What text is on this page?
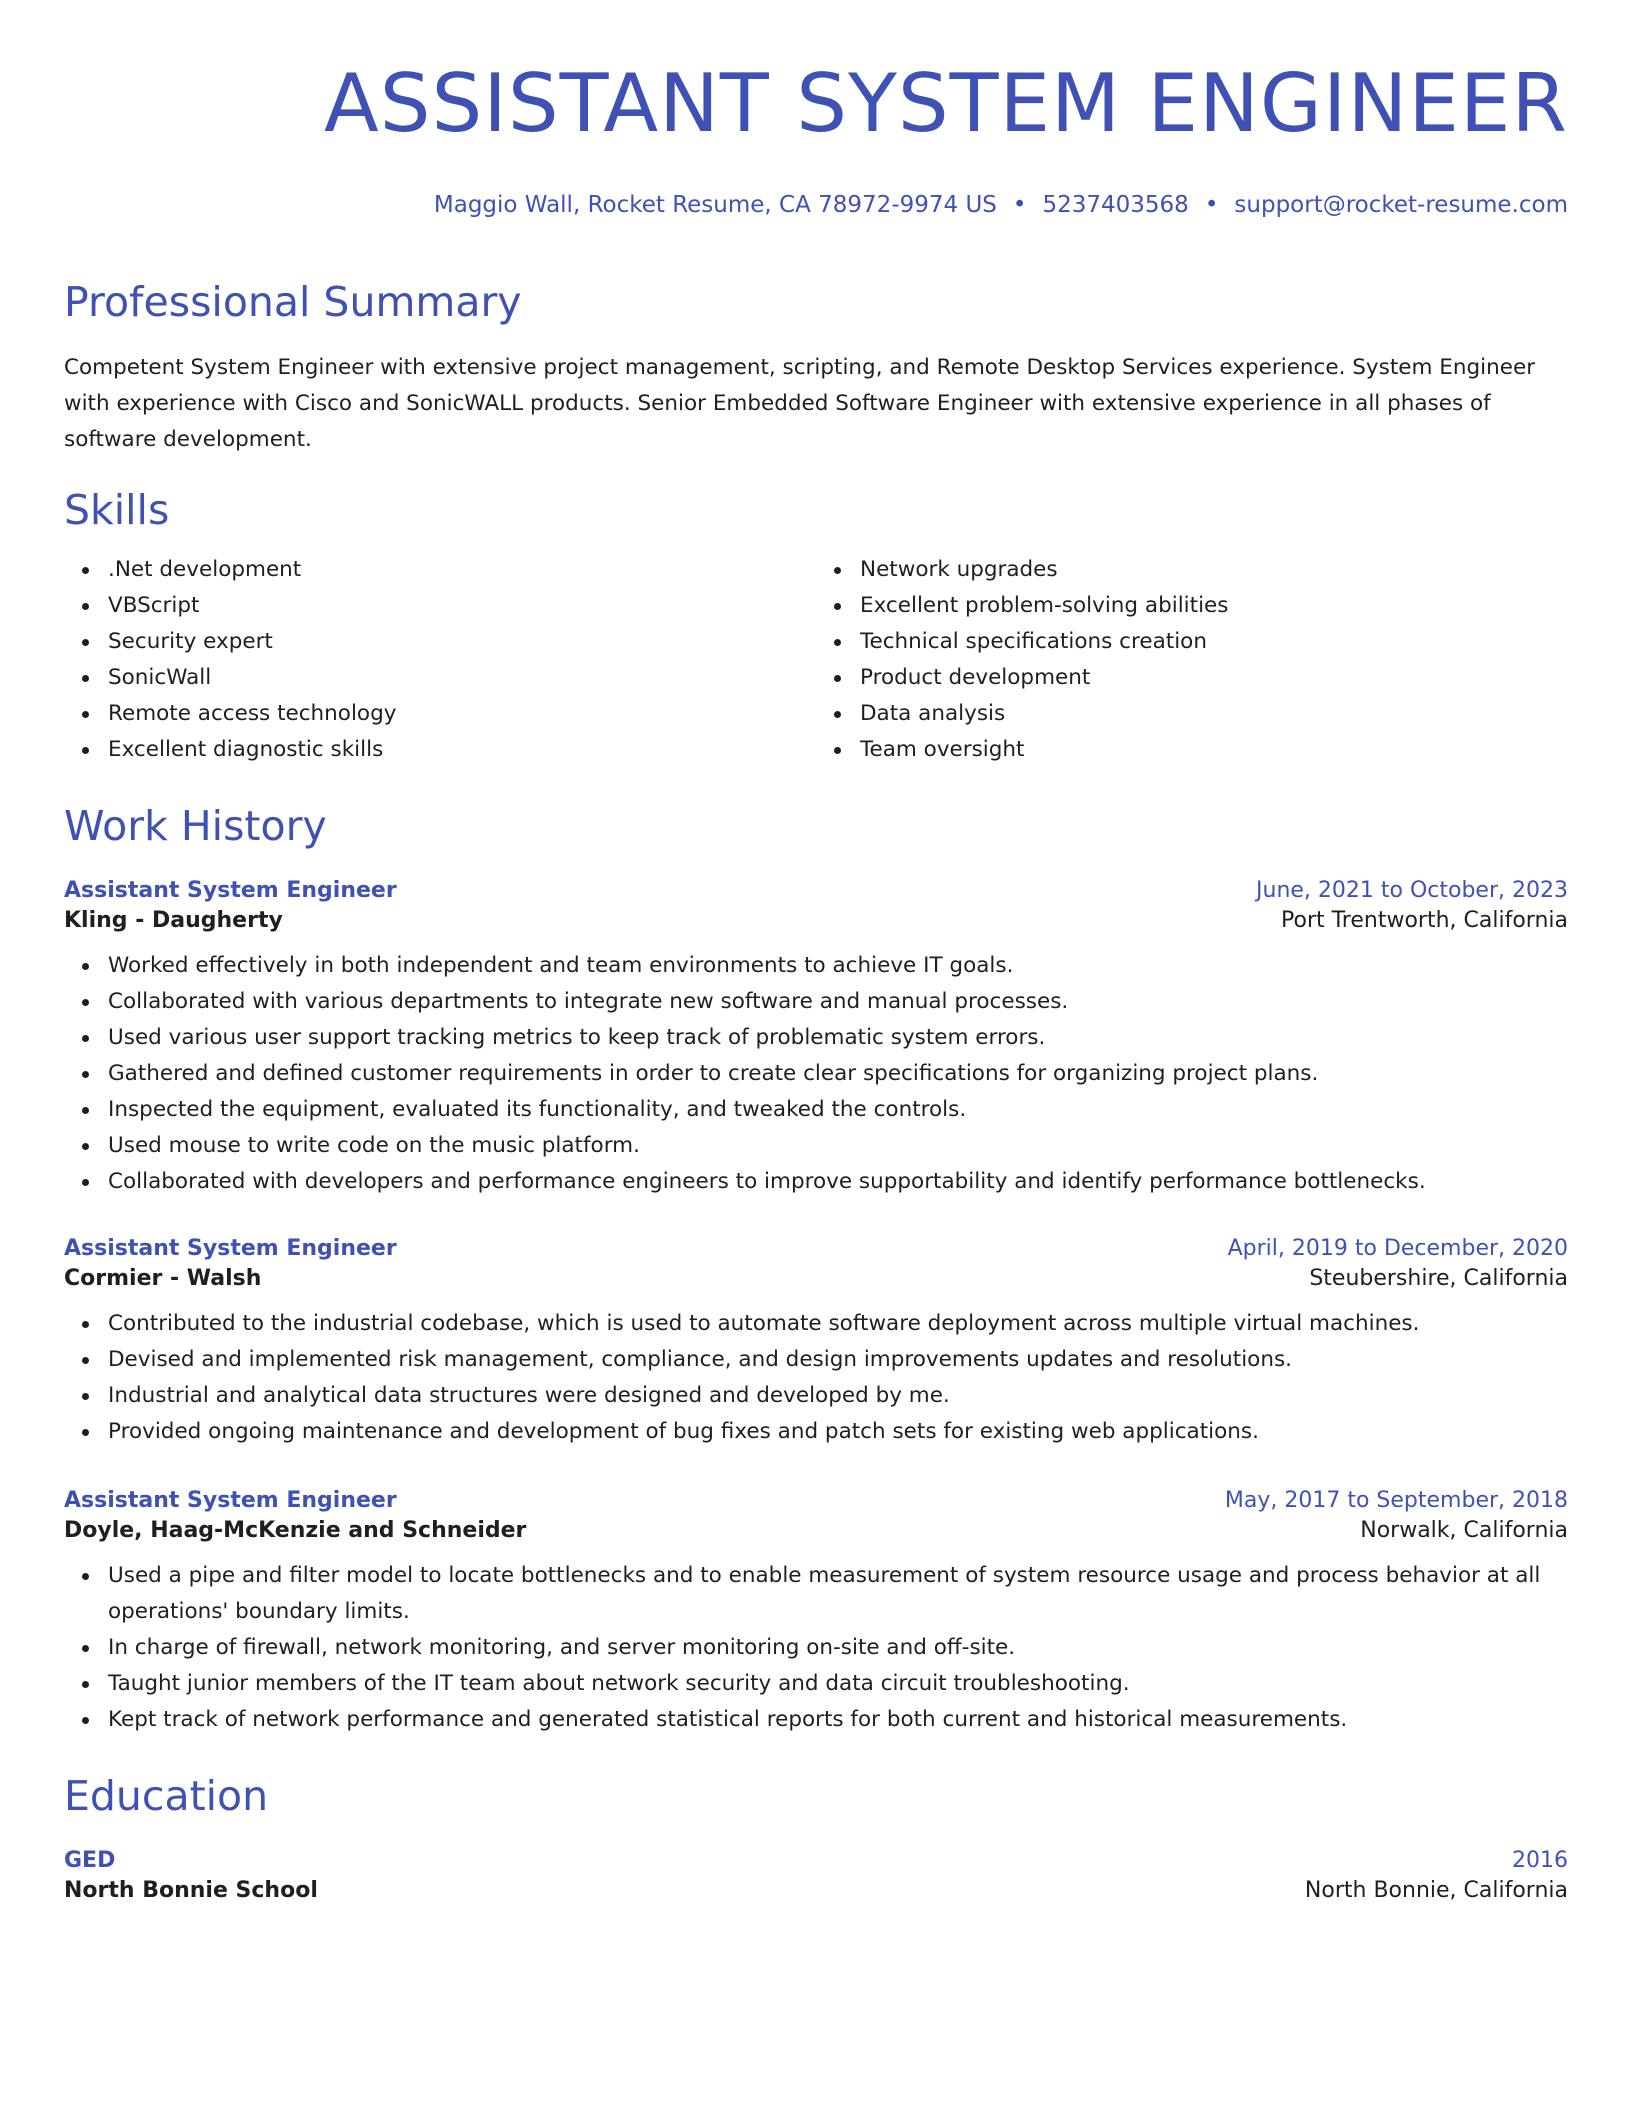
ASSISTANT SYSTEM ENGINEER
Maggio Wall, Rocket Resume, CA 78972-9974 US • 5237403568 • support@rocket-resume.com
Professional Summary
Competent System Engineer with extensive project management, scripting, and Remote Desktop Services experience. System Engineer with experience with Cisco and SonicWALL products. Senior Embedded Software Engineer with extensive experience in all phases of software development.
Skills
.Net development
VBScript
Security expert
SonicWall
Remote access technology
Excellent diagnostic skills
Network upgrades
Excellent problem-solving abilities
Technical specifications creation
Product development
Data analysis
Team oversight
Work History
Assistant System Engineer	June, 2021 to October, 2023
Kling - Daugherty	Port Trentworth, California
Worked effectively in both independent and team environments to achieve IT goals.
Collaborated with various departments to integrate new software and manual processes.
Used various user support tracking metrics to keep track of problematic system errors.
Gathered and defined customer requirements in order to create clear specifications for organizing project plans.
Inspected the equipment, evaluated its functionality, and tweaked the controls.
Used mouse to write code on the music platform.
Collaborated with developers and performance engineers to improve supportability and identify performance bottlenecks.
Assistant System Engineer	April, 2019 to December, 2020
Cormier - Walsh	Steubershire, California
Contributed to the industrial codebase, which is used to automate software deployment across multiple virtual machines.
Devised and implemented risk management, compliance, and design improvements updates and resolutions.
Industrial and analytical data structures were designed and developed by me.
Provided ongoing maintenance and development of bug fixes and patch sets for existing web applications.
Assistant System Engineer	May, 2017 to September, 2018
Doyle, Haag-McKenzie and Schneider	Norwalk, California
Used a pipe and filter model to locate bottlenecks and to enable measurement of system resource usage and process behavior at all operations' boundary limits.
In charge of firewall, network monitoring, and server monitoring on-site and off-site.
Taught junior members of the IT team about network security and data circuit troubleshooting.
Kept track of network performance and generated statistical reports for both current and historical measurements.
Education
GED	2016
North Bonnie School	North Bonnie, California
